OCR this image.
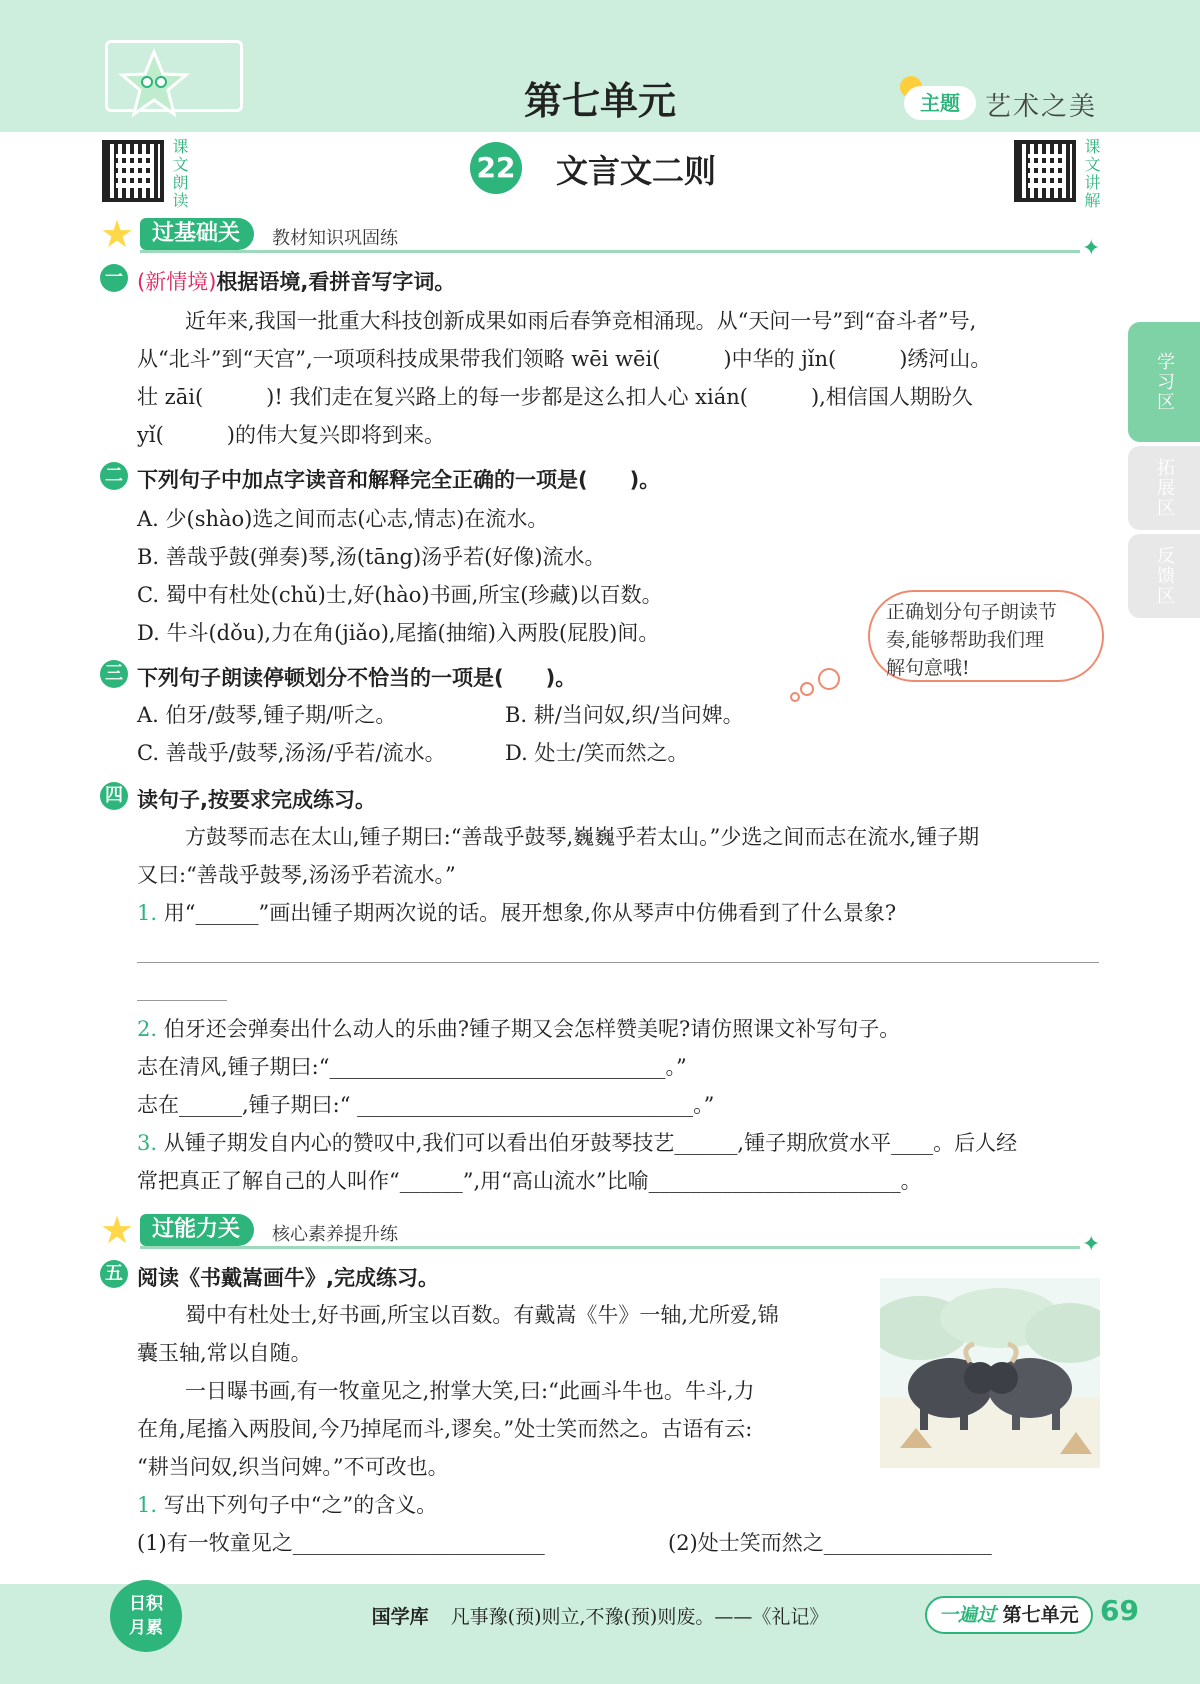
第七单元	主题 艺术之美
课文朗读	课文讲解
22 文言文二则
★ 过基础关	教材知识巩固练	✦
一 (新情境)根据语境,看拼音写字词。
近年来,我国一批重大科技创新成果如雨后春笋竞相涌现。从“天问一号”到“奋斗者”号,
从“北斗”到“天宫”,一项项科技成果带我们领略 wēi wēi(　　　)中华的 jǐn(　　　)绣河山。
壮 zāi(　　　)! 我们走在复兴路上的每一步都是这么扣人心 xián(　　　),相信国人期盼久
yǐ(　　　)的伟大复兴即将到来。
二 下列句子中加点字读音和解释完全正确的一项是(　　)。
A. 少(shào)选之间而志(心志,情志)在流水。
B. 善哉乎鼓(弹奏)琴,汤(tāng)汤乎若(好像)流水。
C. 蜀中有杜处(chǔ)士,好(hào)书画,所宝(珍藏)以百数。
D. 牛斗(dǒu),力在角(jiǎo),尾搐(抽缩)入两股(屁股)间。
正确划分句子朗读节
奏,能够帮助我们理
解句意哦!
三 下列句子朗读停顿划分不恰当的一项是(　　)。
A. 伯牙/鼓琴,锺子期/听之。	B. 耕/当问奴,织/当问婢。
C. 善哉乎/鼓琴,汤汤/乎若/流水。	D. 处士/笑而然之。
四 读句子,按要求完成练习。
方鼓琴而志在太山,锺子期曰:“善哉乎鼓琴,巍巍乎若太山。”少选之间而志在流水,锺子期
又曰:“善哉乎鼓琴,汤汤乎若流水。”
1. 用“______”画出锺子期两次说的话。展开想象,你从琴声中仿佛看到了什么景象?
2. 伯牙还会弹奏出什么动人的乐曲?锺子期又会怎样赞美呢?请仿照课文补写句子。
志在清风,锺子期曰:“________________________________。”
志在______,锺子期曰:“ ________________________________。”
3. 从锺子期发自内心的赞叹中,我们可以看出伯牙鼓琴技艺______,锺子期欣赏水平____。后人经
常把真正了解自己的人叫作“______”,用“高山流水”比喻________________________。
★ 过能力关	核心素养提升练	✦
五 阅读《书戴嵩画牛》,完成练习。
蜀中有杜处士,好书画,所宝以百数。有戴嵩《牛》一轴,尤所爱,锦
囊玉轴,常以自随。
一日曝书画,有一牧童见之,拊掌大笑,曰:“此画斗牛也。牛斗,力
在角,尾搐入两股间,今乃掉尾而斗,谬矣。”处士笑而然之。古语有云:
“耕当问奴,织当问婢。”不可改也。
1. 写出下列句子中“之”的含义。
(1)有一牧童见之________________________	(2)处士笑而然之________________
学习区
拓展区
反馈区
日积月累	国学库 凡事豫(预)则立,不豫(预)则废。——《礼记》	一遍过 第七单元 69
